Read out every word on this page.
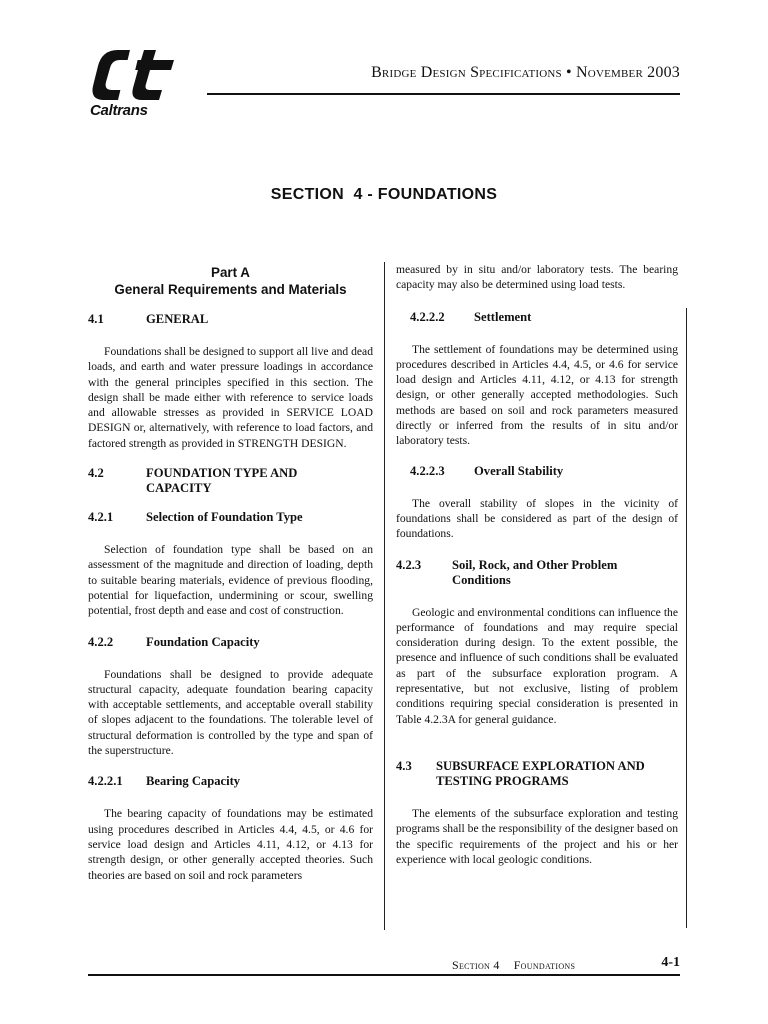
Caltrans
Bridge Design Specifications • November 2003
SECTION  4 - FOUNDATIONS
Part A
General Requirements and Materials
4.1	GENERAL

Foundations shall be designed to support all live and dead loads, and earth and water pressure loadings in accordance with the general principles specified in this section. The design shall be made either with reference to service loads and allowable stresses as provided in SERVICE LOAD DESIGN or, alternatively, with reference to load factors, and factored strength as provided in STRENGTH DESIGN.

4.2	FOUNDATION TYPE AND CAPACITY
4.2.1	Selection of Foundation Type

Selection of foundation type shall be based on an assessment of the magnitude and direction of loading, depth to suitable bearing materials, evidence of previous flooding, potential for liquefaction, undermining or scour, swelling potential, frost depth and ease and cost of construction.

4.2.2	Foundation Capacity

Foundations shall be designed to provide adequate structural capacity, adequate foundation bearing capacity with acceptable settlements, and acceptable overall stability of slopes adjacent to the foundations. The tolerable level of structural deformation is controlled by the type and span of the superstructure.

4.2.2.1	Bearing Capacity

The bearing capacity of foundations may be estimated using procedures described in Articles 4.4, 4.5, or 4.6 for service load design and Articles 4.11, 4.12, or 4.13 for strength design, or other generally accepted theories. Such theories are based on soil and rock parameters

measured by in situ and/or laboratory tests. The bearing capacity may also be determined using load tests.

4.2.2.2	Settlement

The settlement of foundations may be determined using procedures described in Articles 4.4, 4.5, or 4.6 for service load design and Articles 4.11, 4.12, or 4.13 for strength design, or other generally accepted methodologies. Such methods are based on soil and rock parameters measured directly or inferred from the results of in situ and/or laboratory tests.

4.2.2.3	Overall Stability

The overall stability of slopes in the vicinity of foundations shall be considered as part of the design of foundations.

4.2.3	Soil, Rock, and Other Problem Conditions

Geologic and environmental conditions can influence the performance of foundations and may require special consideration during design. To the extent possible, the presence and influence of such conditions shall be evaluated as part of the subsurface exploration program. A representative, but not exclusive, listing of problem conditions requiring special consideration is presented in Table 4.2.3A for general guidance.

4.3	SUBSURFACE EXPLORATION AND TESTING PROGRAMS

The elements of the subsurface exploration and testing programs shall be the responsibility of the designer based on the specific requirements of the project and his or her experience with local geologic conditions.

Section 4 Foundations	4-1
